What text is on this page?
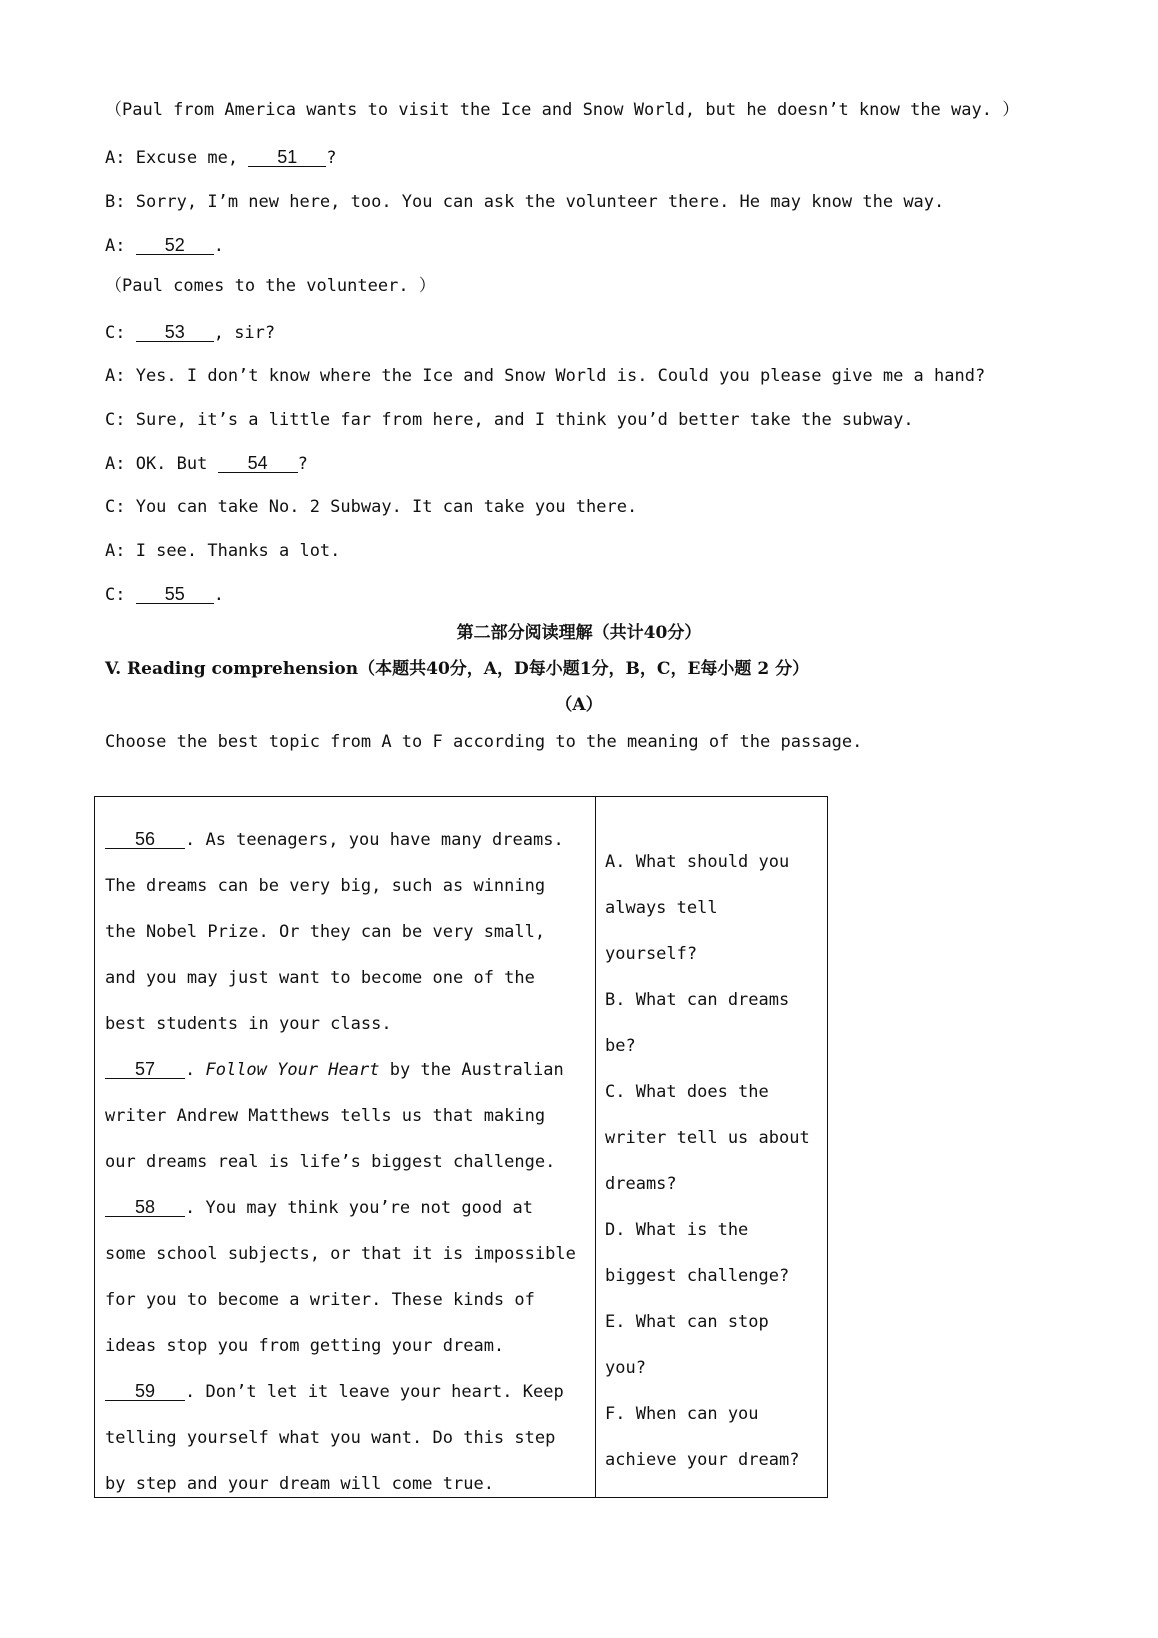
（Paul from America wants to visit the Ice and Snow World, but he doesn’t know the way. ）
A: Excuse me, 51 ?
B: Sorry, I’m new here, too. You can ask the volunteer there. He may know the way.
A: 52 .
（Paul comes to the volunteer. ）
C: 53 , sir?
A: Yes. I don’t know where the Ice and Snow World is. Could you please give me a hand?
C: Sure, it’s a little far from here, and I think you’d better take the subway.
A: OK. But 54 ?
C: You can take No. 2 Subway. It can take you there.
A: I see. Thanks a lot.
C: 55 .
第二部分阅读理解（共计40分）
V. Reading comprehension（本题共40分，A，D每小题1分，B，C，E每小题 2 分）
（A）
Choose the best topic from A to F according to the meaning of the passage.
56 . As teenagers, you have many dreams.
The dreams can be very big, such as winning
the Nobel Prize. Or they can be very small,
and you may just want to become one of the
best students in your class.
57 . Follow Your Heart by the Australian
writer Andrew Matthews tells us that making
our dreams real is life’s biggest challenge.
58 . You may think you’re not good at
some school subjects, or that it is impossible
for you to become a writer. These kinds of
ideas stop you from getting your dream.
59 . Don’t let it leave your heart. Keep
telling yourself what you want. Do this step
by step and your dream will come true.
A. What should you
always tell
yourself?
B. What can dreams
be?
C. What does the
writer tell us about
dreams?
D. What is the
biggest challenge?
E. What can stop
you?
F. When can you
achieve your dream?
